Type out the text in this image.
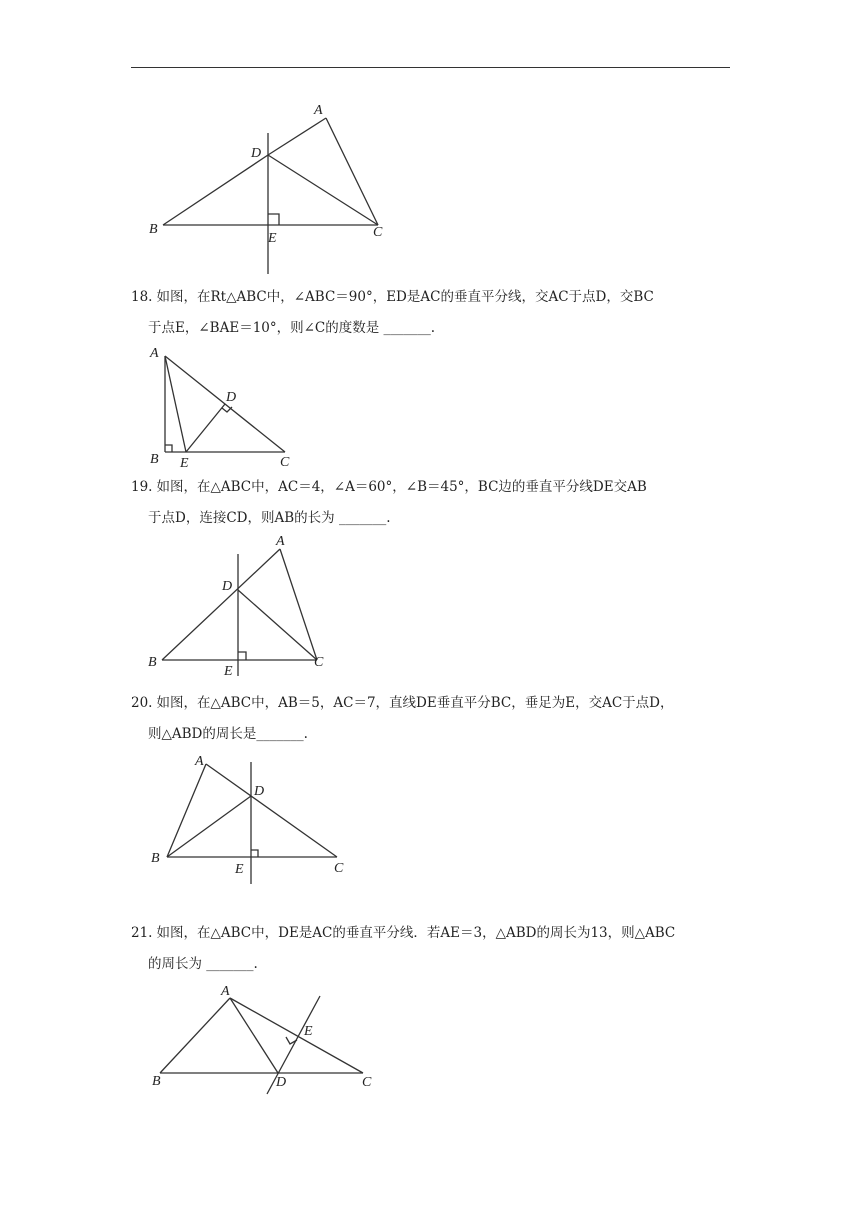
A
D
B
E	C
18. 如图，在Rt△ABC中，∠ABC＝90°，ED是AC的垂直平分线，交AC于点D，交BC
于点E，∠BAE＝10°，则∠C的度数是 _______.
A
D
B E	C
19. 如图，在△ABC中，AC＝4，∠A＝60°，∠B＝45°，BC边的垂直平分线DE交AB
于点D，连接CD，则AB的长为 _______.
A
D
B
E
C
20. 如图，在△ABC中，AB＝5，AC＝7，直线DE垂直平分BC，垂足为E，交AC于点D，
则△ABD的周长是_______.
A
D
B
E	C
21. 如图，在△ABC中，DE是AC的垂直平分线．若AE＝3，△ABD的周长为13，则△ABC
的周长为 _______.
A
E
B	D	C
